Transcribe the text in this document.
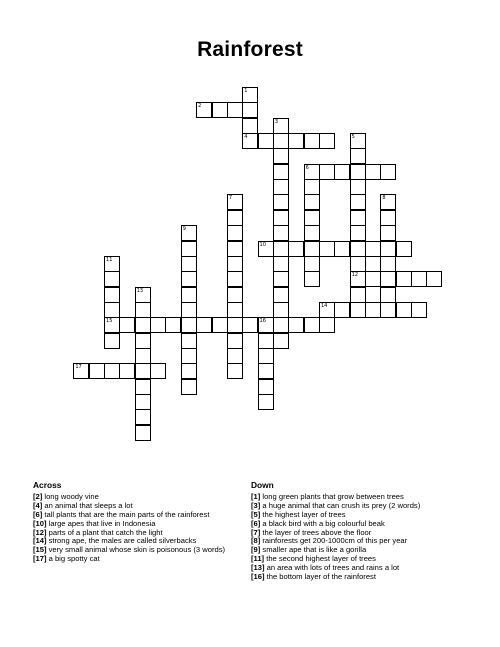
Rainforest
1
2
3
4	5
12
6
7	8
9
10
11
15
13
14
16
17
Across
[2] long woody vine
[4] an animal that sleeps a lot
[6] tall plants that are the main parts of the rainforest
[10] large apes that live in Indonesia
[12] parts of a plant that catch the light
[14] strong ape, the males are called silverbacks
[15] very small animal whose skin is poisonous (3 words)
[17] a big spotty cat
Down
[1] long green plants that grow between trees
[3] a huge animal that can crush its prey (2 words)
[5] the highest layer of trees
[6] a black bird with a big colourful beak
[7] the layer of trees above the floor
[8] rainforests get 200-1000cm of this per year
[9] smaller ape that is like a gorilla
[11] the second highest layer of trees
[13] an area with lots of trees and rains a lot
[16] the bottom layer of the rainforest
